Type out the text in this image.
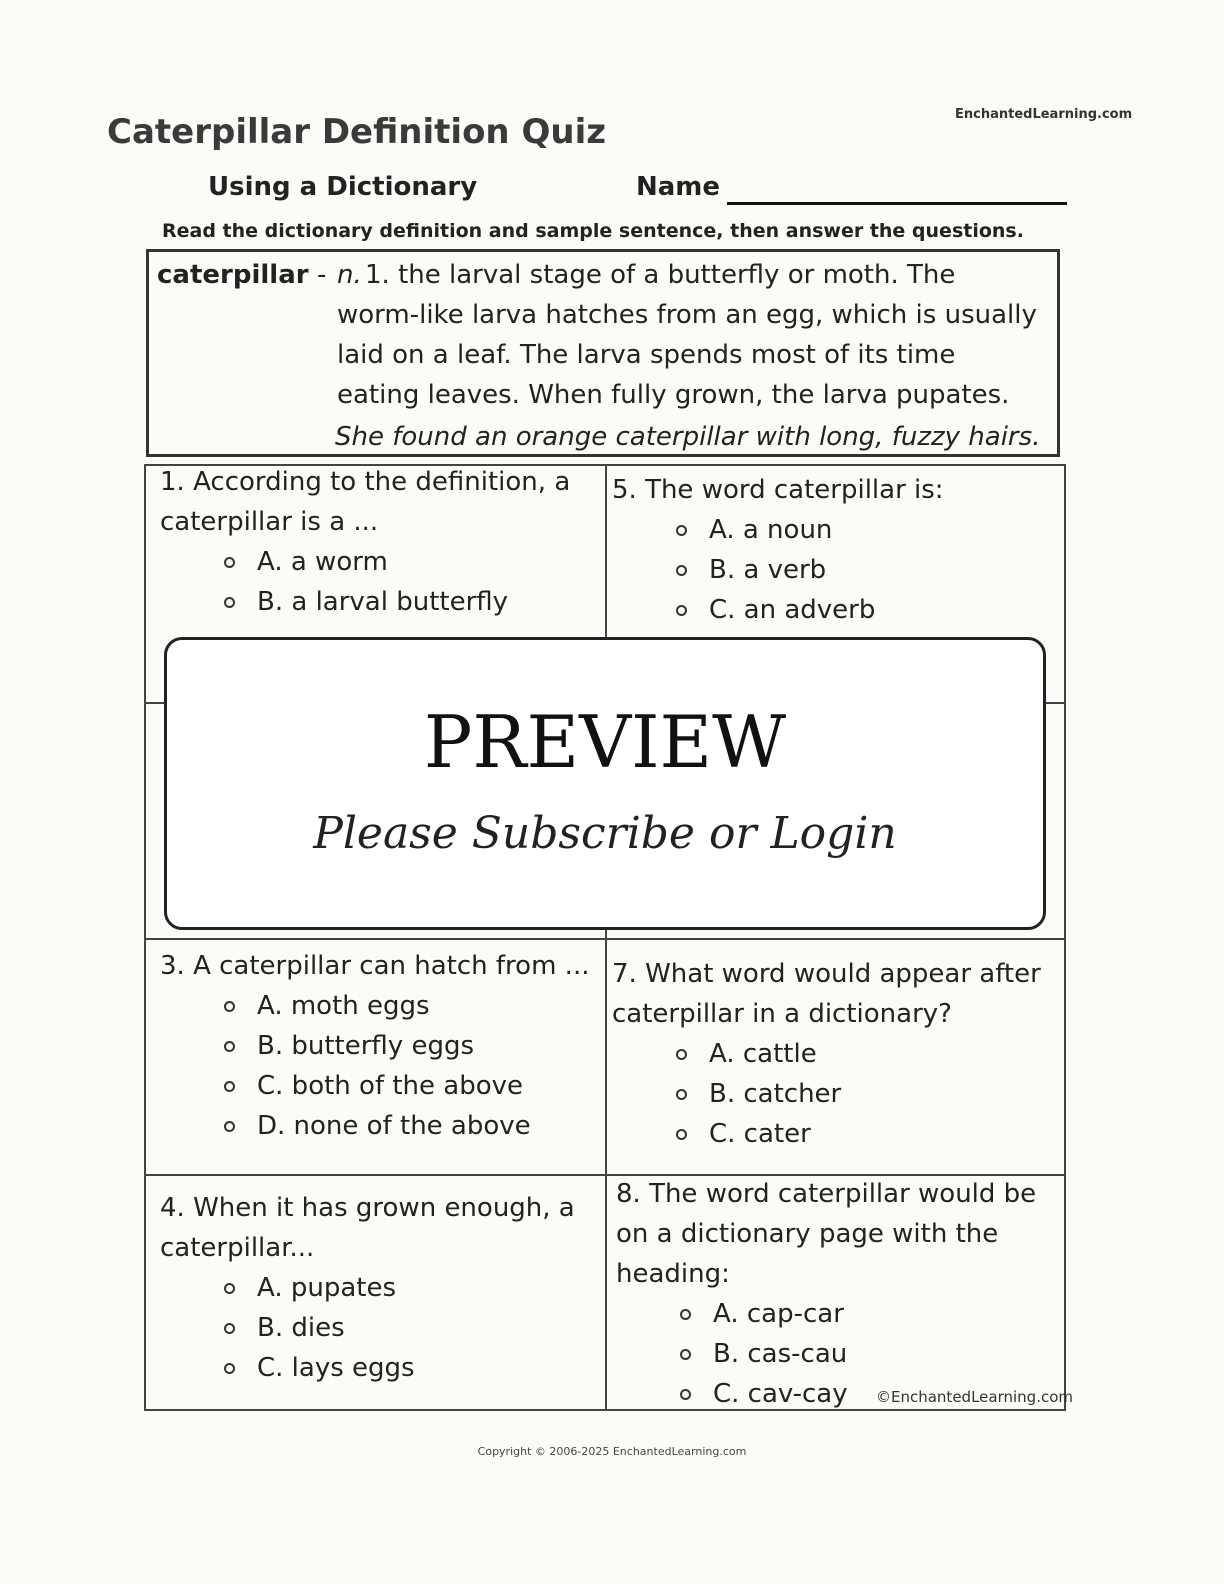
Caterpillar Definition Quiz	EnchantedLearning.com
Using a Dictionary	Name
Read the dictionary definition and sample sentence, then answer the questions.
caterpillar - n. 1. the larval stage of a butterfly or moth. The
worm-like larva hatches from an egg, which is usually
laid on a leaf. The larva spends most of its time
eating leaves. When fully grown, the larva pupates.
She found an orange caterpillar with long, fuzzy hairs.
1. According to the definition, a
caterpillar is a ...
A. a worm
B. a larval butterfly
5. The word caterpillar is:
A. a noun
B. a verb
C. an adverb
3. A caterpillar can hatch from ...
A. moth eggs
B. butterfly eggs
C. both of the above
D. none of the above
7. What word would appear after
caterpillar in a dictionary?
A. cattle
B. catcher
C. cater
4. When it has grown enough, a
caterpillar...
A. pupates
B. dies
C. lays eggs
8. The word caterpillar would be
on a dictionary page with the
heading:
A. cap-car
B. cas-cau
C. cav-cay ©EnchantedLearning.com
PREVIEW
Please Subscribe or Login
Copyright © 2006-2025 EnchantedLearning.com
